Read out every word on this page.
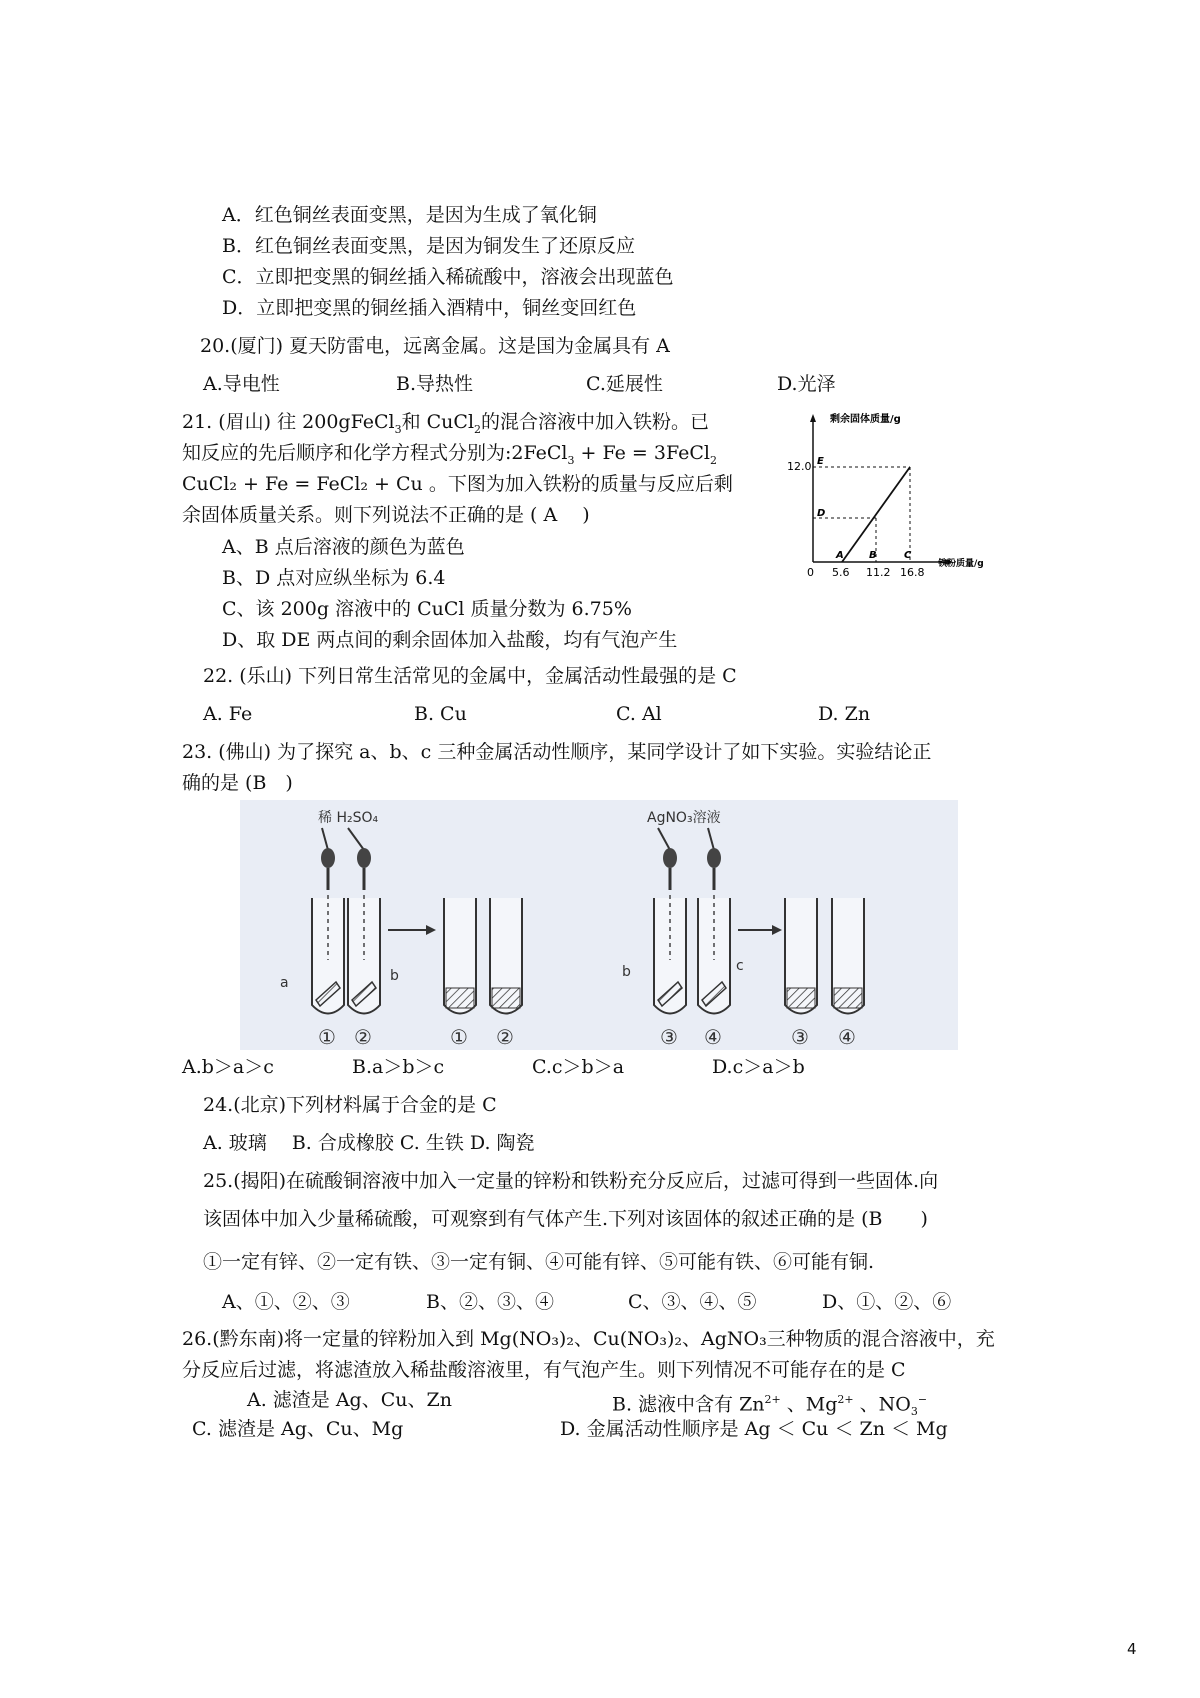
A．红色铜丝表面变黑，是因为生成了氧化铜
B．红色铜丝表面变黑，是因为铜发生了还原反应
C．立即把变黑的铜丝插入稀硫酸中，溶液会出现蓝色
D．立即把变黑的铜丝插入酒精中，铜丝变回红色
20.(厦门) 夏天防雷电，远离金属。这是国为金属具有 A
A.导电性	B.导热性	C.延展性	D.光泽
21. (眉山) 往 200gFeCl$_3$和 CuCl$_2$的混合溶液中加入铁粉。已
知反应的先后顺序和化学方程式分别为:2FeCl$_3$ + Fe = 3FeCl$_2$
CuCl₂ + Fe = FeCl₂ + Cu 。下图为加入铁粉的质量与反应后剩
余固体质量关系。则下列说法不正确的是 ( A　 )
A、B 点后溶液的颜色为蓝色
B、D 点对应纵坐标为 6.4
C、该 200g 溶液中的 CuCl 质量分数为 6.75%
D、取 DE 两点间的剩余固体加入盐酸，均有气泡产生
剩余固体质量/g
铁粉质量/g
12.0
0 5.6 11.2 16.8
A	B	C
D
E
22. (乐山) 下列日常生活常见的金属中，金属活动性最强的是 C
A. Fe	B. Cu	C. Al	D. Zn
23. (佛山) 为了探究 a、b、c 三种金属活动性顺序，某同学设计了如下实验。实验结论正
确的是 (B　)
稀 H₂SO₄	AgNO₃溶液
a	b	b	c
① ②	① ②	③ ④	③ ④
A.b＞a＞c	B.a＞b＞c	C.c＞b＞a	D.c＞a＞b
24.(北京)下列材料属于合金的是 C
A. 玻璃　 B. 合成橡胶 C. 生铁 D. 陶瓷
25.(揭阳)在硫酸铜溶液中加入一定量的锌粉和铁粉充分反应后，过滤可得到一些固体.向
该固体中加入少量稀硫酸，可观察到有气体产生.下列对该固体的叙述正确的是 (B　　)
①一定有锌、②一定有铁、③一定有铜、④可能有锌、⑤可能有铁、⑥可能有铜.
A、①、②、③	B、②、③、④	C、③、④、⑤	D、①、②、⑥
26.(黔东南)将一定量的锌粉加入到 Mg(NO₃)₂、Cu(NO₃)₂、AgNO₃三种物质的混合溶液中，充
分反应后过滤，将滤渣放入稀盐酸溶液里，有气泡产生。则下列情况不可能存在的是 C
A. 滤渣是 Ag、Cu、Zn	B. 滤液中含有 $Zn^{2+}$ 、$Mg^{2+}$ 、$NO_3^-$
C. 滤渣是 Ag、Cu、Mg	D. 金属活动性顺序是 Ag ＜ Cu ＜ Zn ＜ Mg
4
